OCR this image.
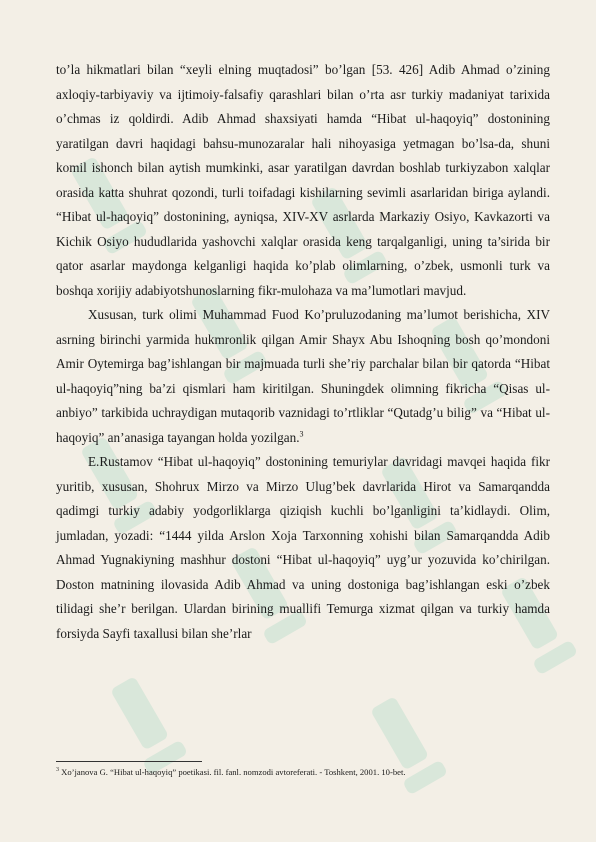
to’la hikmatlari bilan “xeyli elning muqtadosi” bo’lgan [53. 426] Adib Ahmad o’zining axloqiy-tarbiyaviy va ijtimoiy-falsafiy qarashlari bilan o’rta asr turkiy madaniyat tarixida o’chmas iz qoldirdi. Adib Ahmad shaxsiyati hamda “Hibat ul-haqoyiq” dostonining yaratilgan davri haqidagi bahsu-munozaralar hali nihoyasiga yetmagan bo’lsa-da, shuni komil ishonch bilan aytish mumkinki, asar yaratilgan davrdan boshlab turkiyzabon xalqlar orasida katta shuhrat qozondi, turli toifadagi kishilarning sevimli asarlaridan biriga aylandi. “Hibat ul-haqoyiq” dostonining, ayniqsa, XIV-XV asrlarda Markaziy Osiyo, Kavkazorti va Kichik Osiyo hududlarida yashovchi xalqlar orasida keng tarqalganligi, uning ta’sirida bir qator asarlar maydonga kelganligi haqida ko’plab olimlarning, o’zbek, usmonli turk va boshqa xorijiy adabiyotshunoslarning fikr-mulohaza va ma’lumotlari mavjud.

Xususan, turk olimi Muhammad Fuod Ko’pruluzodaning ma’lumot berishicha, XIV asrning birinchi yarmida hukmronlik qilgan Amir Shayx Abu Ishoqning bosh qo’mondoni Amir Oytemirga bag’ishlangan bir majmuada turli she’riy parchalar bilan bir qatorda “Hibat ul-haqoyiq”ning ba’zi qismlari ham kiritilgan. Shuningdek olimning fikricha “Qisas ul- anbiyo” tarkibida uchraydigan mutaqorib vaznidagi to’rtliklar “Qutadg’u bilig” va “Hibat ul-haqoyiq” an’anasiga tayangan holda yozilgan.$^3$

E.Rustamov “Hibat ul-haqoyiq” dostonining temuriylar davridagi mavqei haqida fikr yuritib, xususan, Shohrux Mirzo va Mirzo Ulug’bek davrlarida Hirot va Samarqandda qadimgi turkiy adabiy yodgorliklarga qiziqish kuchli bo’lganligini ta’kidlaydi. Olim, jumladan, yozadi: “1444 yilda Arslon Xoja Tarxonning xohishi bilan Samarqandda Adib Ahmad Yugnakiyning mashhur dostoni “Hibat ul-haqoyiq” uyg’ur yozuvida ko’chirilgan. Doston matnining ilovasida Adib Ahmad va uning dostoniga bag’ishlangan eski o’zbek tilidagi she’r berilgan. Ulardan birining muallifi Temurga xizmat qilgan va turkiy hamda forsiyda Sayfi taxallusi bilan she’rlar

$^3$ Xo’janova G. “Hibat ul-haqoyiq” poetikasi. fil. fanl. nomzodi avtoreferati. - Toshkent, 2001. 10-bet.
